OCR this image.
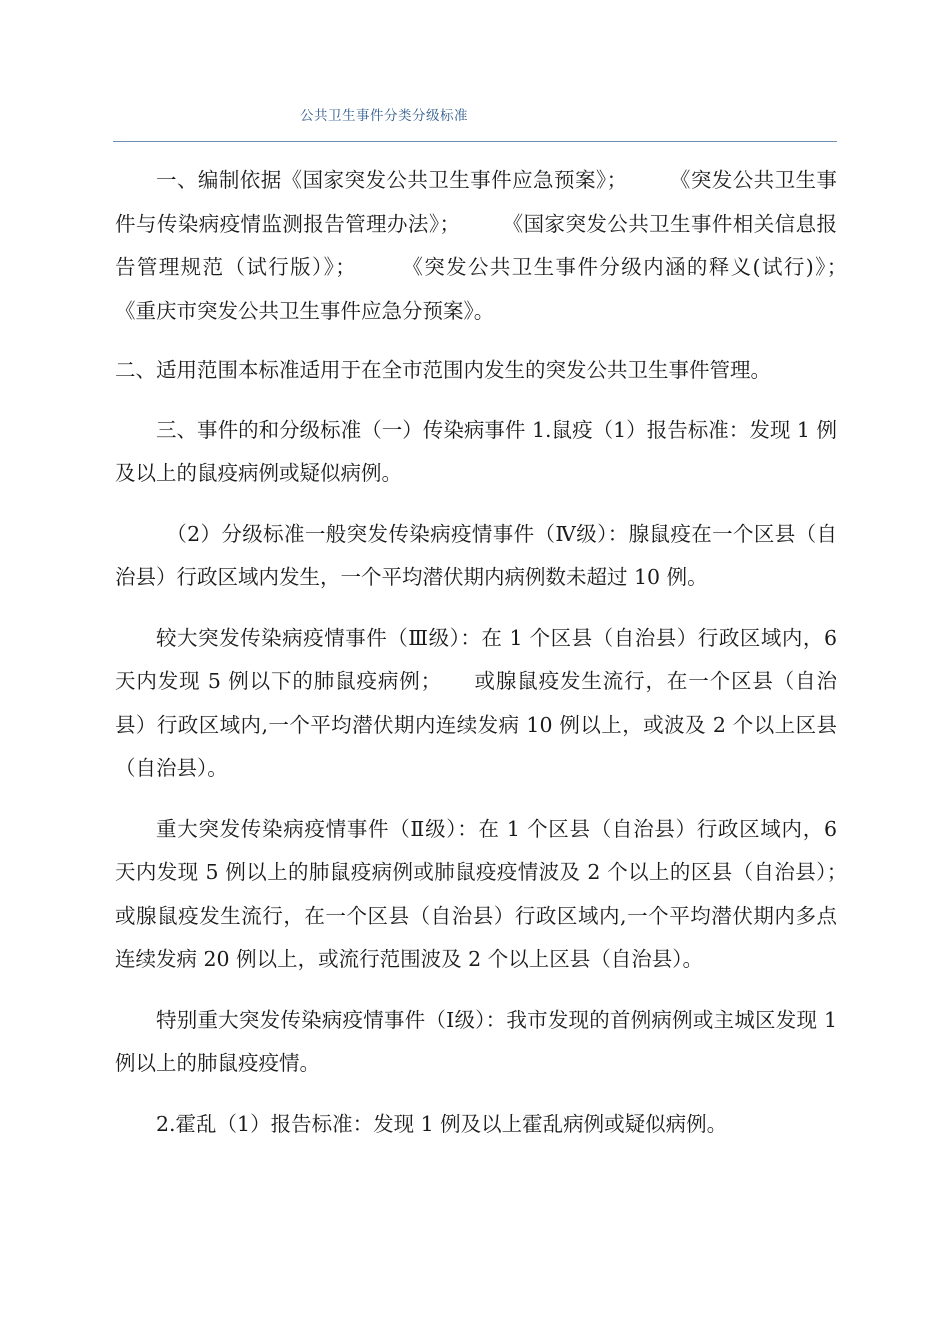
公共卫生事件分类分级标准

一、编制依据《国家突发公共卫生事件应急预案》；　　　《突发公共卫生事件与传染病疫情监测报告管理办法》；　　　《国家突发公共卫生事件相关信息报告管理规范（试行版）》；　　　《突发公共卫生事件分级内涵的释义(试行)》；　　　《重庆市突发公共卫生事件应急分预案》。

二、适用范围本标准适用于在全市范围内发生的突发公共卫生事件管理。

三、事件的和分级标准（一）传染病事件 1.鼠疫（1）报告标准：发现 1 例及以上的鼠疫病例或疑似病例。

（2）分级标准一般突发传染病疫情事件（Ⅳ级）：腺鼠疫在一个区县（自治县）行政区域内发生，一个平均潜伏期内病例数未超过 10 例。

较大突发传染病疫情事件（Ⅲ级）：在 1 个区县（自治县）行政区域内，6 天内发现 5 例以下的肺鼠疫病例；　　或腺鼠疫发生流行，在一个区县（自治县）行政区域内,一个平均潜伏期内连续发病 10 例以上，或波及 2 个以上区县（自治县）。

重大突发传染病疫情事件（Ⅱ级）：在 1 个区县（自治县）行政区域内，6 天内发现 5 例以上的肺鼠疫病例或肺鼠疫疫情波及 2 个以上的区县（自治县）；　　或腺鼠疫发生流行，在一个区县（自治县）行政区域内,一个平均潜伏期内多点连续发病 20 例以上，或流行范围波及 2 个以上区县（自治县）。

特别重大突发传染病疫情事件（Ⅰ级）：我市发现的首例病例或主城区发现 1 例以上的肺鼠疫疫情。

2.霍乱（1）报告标准：发现 1 例及以上霍乱病例或疑似病例。
